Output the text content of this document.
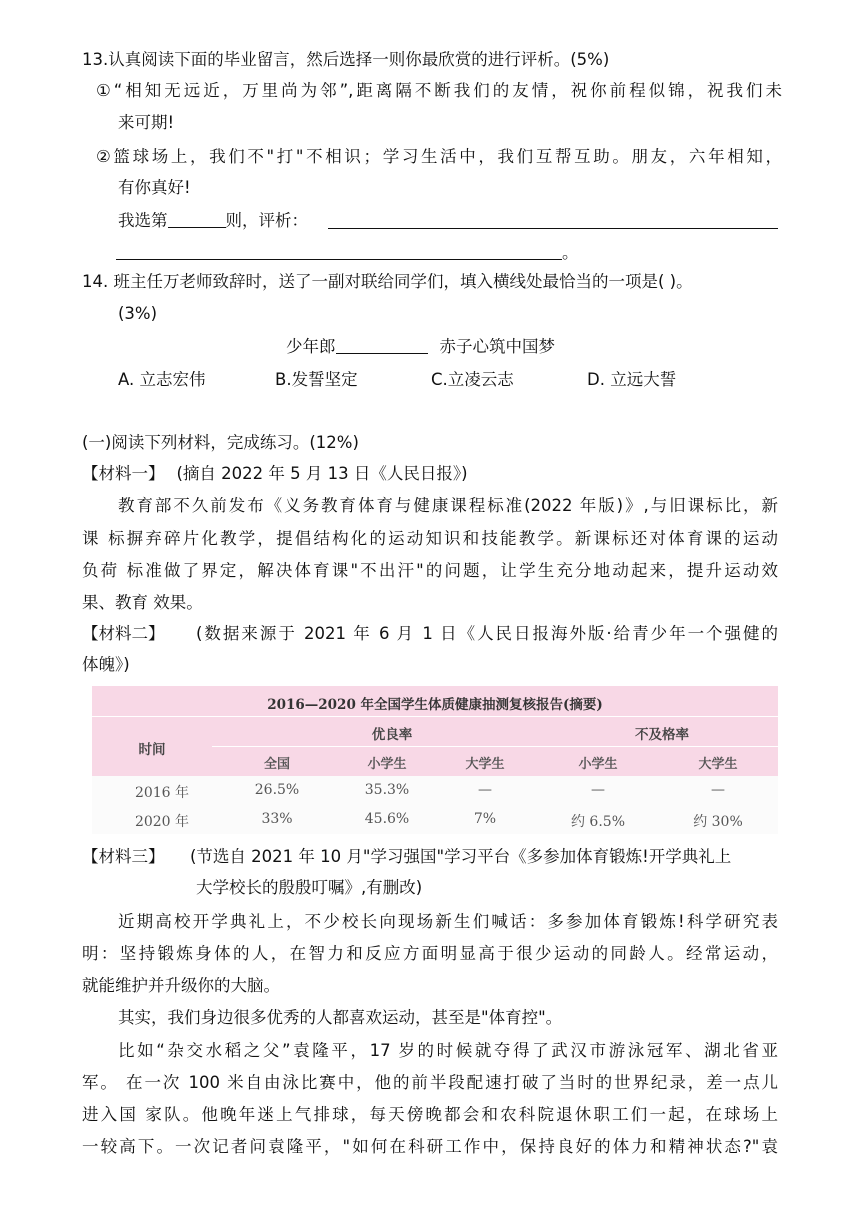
13.认真阅读下面的毕业留言，然后选择一则你最欣赏的进行评析。(5%)
①“相知无远近，万里尚为邻”,距离隔不断我们的友情，祝你前程似锦，祝我们未
来可期!
②篮球场上，我们不"打"不相识；学习生活中，我们互帮互助。朋友，六年相知，
有你真好!
我选第	则，评析：
。
14. 班主任万老师致辞时，送了一副对联给同学们，填入横线处最恰当的一项是( )。
(3%)
少年郎	赤子心筑中国梦
A. 立志宏伟	B.发誓坚定	C.立凌云志	D. 立远大誓
(一)阅读下列材料，完成练习。(12%)
【材料一】 (摘自 2022 年 5 月 13 日《人民日报》)
教育部不久前发布《义务教育体育与健康课程标准(2022 年版)》,与旧课标比，新
课 标摒弃碎片化教学，提倡结构化的运动知识和技能教学。新课标还对体育课的运动
负荷 标准做了界定，解决体育课"不出汗"的问题，让学生充分地动起来，提升运动效
果、教育 效果。
【材料二】 (数据来源于 2021 年 6 月 1 日《人民日报海外版·给青少年一个强健的
体魄》)
2016—2020 年全国学生体质健康抽测复核报告(摘要)
时间
优良率	不及格率
全国	小学生	大学生	小学生	大学生
2016 年	26.5%	35.3%	—	—	—
2020 年	33%	45.6%	7%	约 6.5%	约 30%
【材料三】 (节选自 2021 年 10 月"学习强国"学习平台《多参加体育锻炼!开学典礼上
大学校长的殷殷叮嘱》,有删改)
近期高校开学典礼上，不少校长向现场新生们喊话：多参加体育锻炼!科学研究表
明：坚持锻炼身体的人，在智力和反应方面明显高于很少运动的同龄人。经常运动，
就能维护并升级你的大脑。
其实，我们身边很多优秀的人都喜欢运动，甚至是"体育控"。
比如“杂交水稻之父”袁隆平，17 岁的时候就夺得了武汉市游泳冠军、湖北省亚
军。 在一次 100 米自由泳比赛中，他的前半段配速打破了当时的世界纪录，差一点儿
进入国 家队。他晚年迷上气排球，每天傍晚都会和农科院退休职工们一起，在球场上
一较高下。一次记者问袁隆平，"如何在科研工作中，保持良好的体力和精神状态?"袁
